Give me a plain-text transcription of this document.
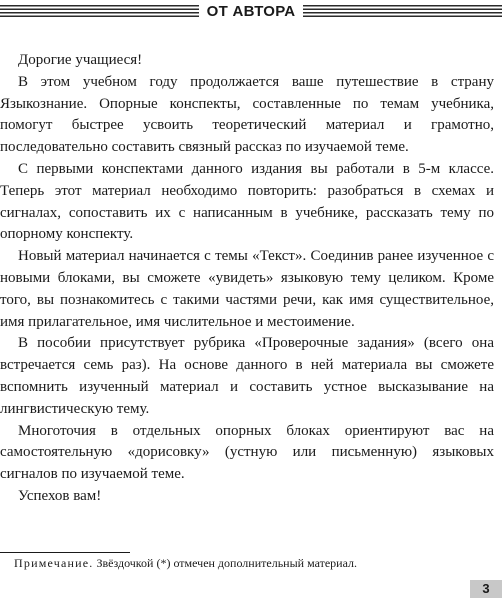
ОТ АВТОРА

Дорогие учащиеся!

В этом учебном году продолжается ваше путешествие в страну Языкознание. Опорные конспекты, составленные по темам учебника, помогут быстрее усвоить теоретический материал и грамотно, последовательно составить связный рассказ по изучаемой теме.

С первыми конспектами данного издания вы работали в 5-м классе. Теперь этот материал необходимо повторить: разобраться в схемах и сигналах, сопоставить их с написанным в учебнике, рассказать тему по опорному конспекту.

Новый материал начинается с темы «Текст». Соединив ранее изученное с новыми блоками, вы сможете «увидеть» языковую тему целиком. Кроме того, вы познакомитесь с такими частями речи, как имя существительное, имя прилагательное, имя числительное и местоимение.

В пособии присутствует рубрика «Проверочные задания» (всего она встречается семь раз). На основе данного в ней материала вы сможете вспомнить изученный материал и составить устное высказывание на лингвистическую тему.

Многоточия в отдельных опорных блоках ориентируют вас на самостоятельную «дорисовку» (устную или письменную) языковых сигналов по изучаемой теме.

Успехов вам!

Примечание. Звёздочкой (*) отмечен дополнительный материал.
3
